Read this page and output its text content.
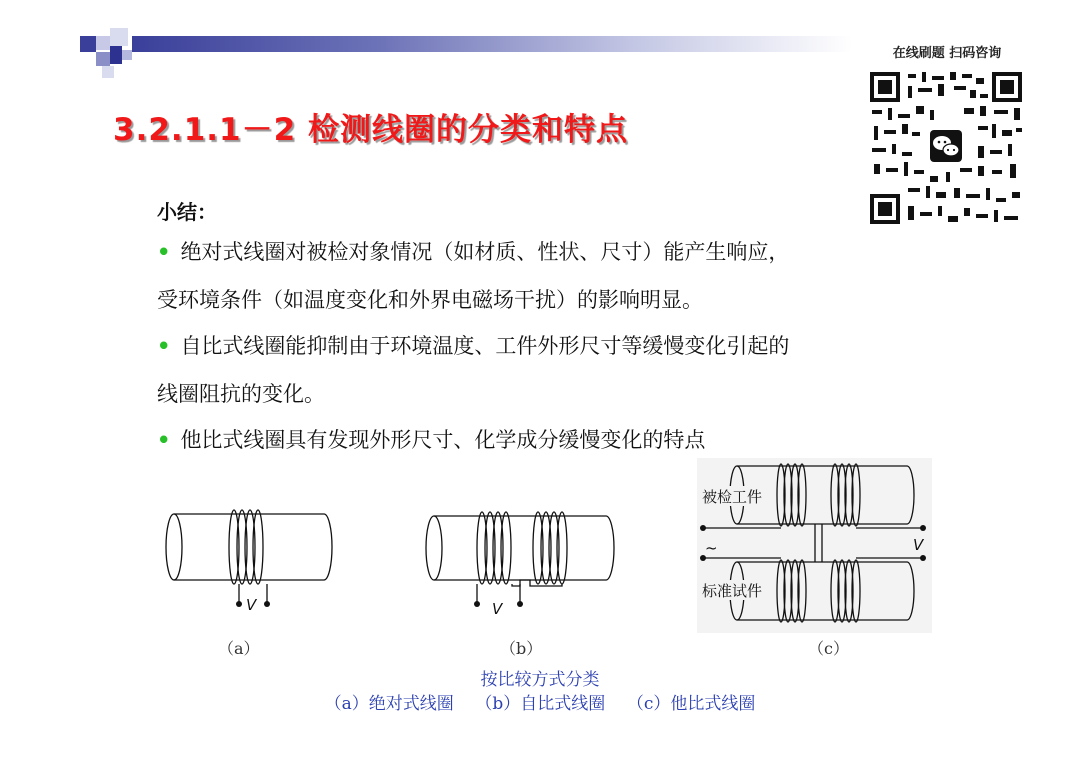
3.2.1.1－2 检测线圈的分类和特点
在线刷题 扫码咨询
小结：
• 绝对式线圈对被检对象情况（如材质、性状、尺寸）能产生响应，
受环境条件（如温度变化和外界电磁场干扰）的影响明显。
• 自比式线圈能抑制由于环境温度、工件外形尺寸等缓慢变化引起的
线圈阻抗的变化。
• 他比式线圈具有发现外形尺寸、化学成分缓慢变化的特点
V	V
被检工件
~	V
标准试件
（a）	（b）	（c）
按比较方式分类
（a）绝对式线圈    （b）自比式线圈    （c）他比式线圈
